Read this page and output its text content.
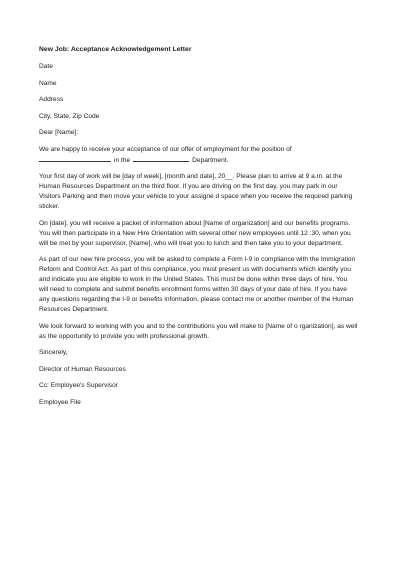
New Job: Acceptance Acknowledgement Letter
Date
Name
Address
City, State, Zip Code
Dear [Name]:

We are happy to receive your acceptance of our offer of employment for the position of

in the	Department.

Your first day of work will be [day of week], [month and date], 20__. Please plan to arrive at 9 a.m. at the

Human Resources Department on the third floor. If you are driving on the first day, you may park in our

Visitors Parking and then move your vehicle to your assigne d space when you receive the required parking

sticker.

On [date], you will receive a packet of information about [Name of organization] and our benefits programs.

You will then participate in a New Hire Orientation with several other new employees until 12 :30, when you

will be met by your supervisor, [Name], who will treat you to lunch and then take you to your department.

As part of our new hire process, you will be asked to complete a Form I-9 in compliance with the Immigration

Reform and Control Act. As part of this compliance, you must present us with documents which identify you

and indicate you are eligible to work in the United States. This must be done within three days of hire. You

will need to complete and submit benefits enrollment forms within 30 days of your date of hire. If you have

any questions regarding the I-9 or benefits information, please contact me or another member of the Human

Resources Department.

We look forward to working with you and to the contributions you will make to [Name of o rganization], as well

as the opportunity to provide you with professional growth.

Sincerely,
Director of Human Resources
Cc: Employee's Supervisor
Employee File
